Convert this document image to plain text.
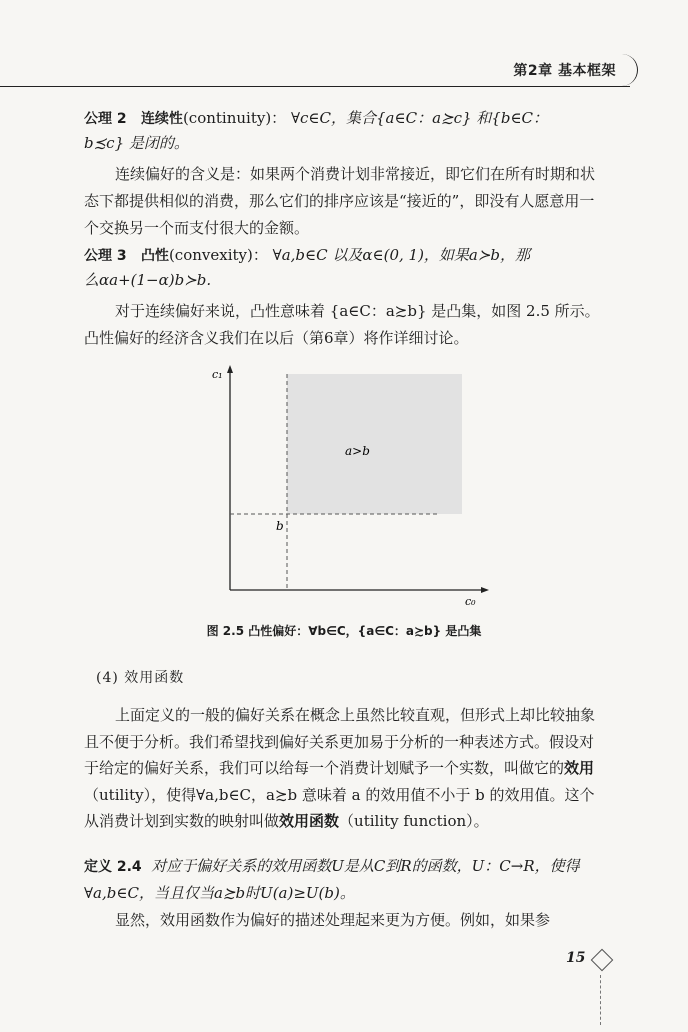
第2章 基本框架
公理 2 连续性(continuity)： ∀c∈C，集合{a∈C：a≿c} 和{b∈C：
b≾c} 是闭的。
连续偏好的含义是：如果两个消费计划非常接近，即它们在所有时期和状态下都提供相似的消费，那么它们的排序应该是“接近的”，即没有人愿意用一个交换另一个而支付很大的金额。
公理 3 凸性(convexity)： ∀a,b∈C 以及α∈(0, 1)，如果a≻b，那
么αa+(1−α)b≻b.
对于连续偏好来说，凸性意味着 {a∈C：a≿b} 是凸集，如图 2.5 所示。凸性偏好的经济含义我们在以后（第6章）将作详细讨论。
c₁
c₀
a>b
b
图 2.5 凸性偏好：∀b∈C，{a∈C：a≿b} 是凸集
(4) 效用函数
上面定义的一般的偏好关系在概念上虽然比较直观，但形式上却比较抽象且不便于分析。我们希望找到偏好关系更加易于分析的一种表述方式。假设对于给定的偏好关系，我们可以给每一个消费计划赋予一个实数，叫做它的效用（utility），使得∀a,b∈C，a≿b 意味着 a 的效用值不小于 b 的效用值。这个从消费计划到实数的映射叫做效用函数（utility function）。
定义 2.4 对应于偏好关系的效用函数U是从C到R的函数，U：C→R，使得 ∀a,b∈C，当且仅当a≿b时U(a)≥U(b)。
显然，效用函数作为偏好的描述处理起来更为方便。例如，如果参
15
